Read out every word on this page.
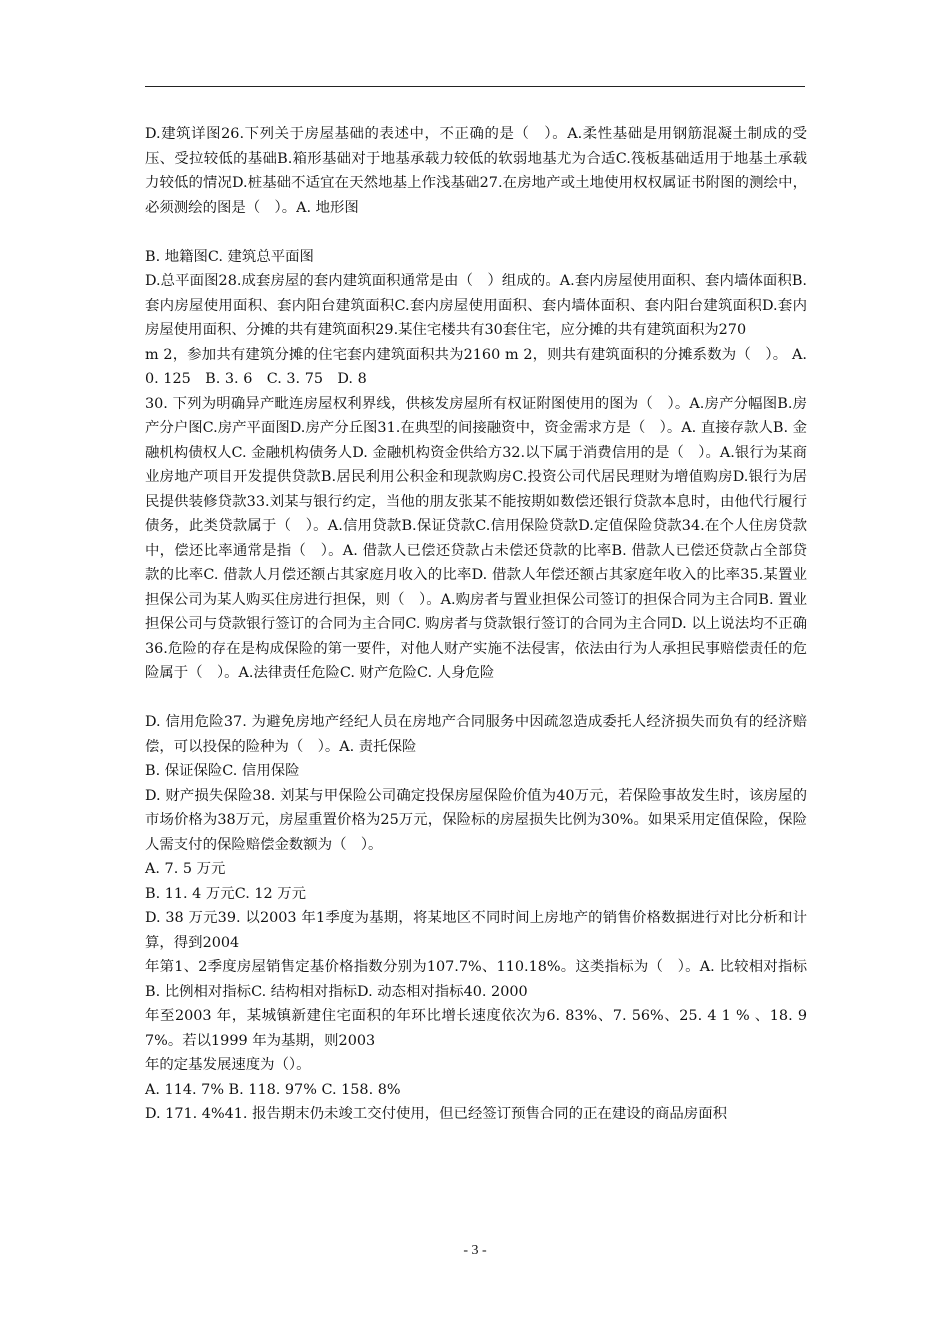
D.建筑详图26.下列关于房屋基础的表述中，不正确的是（　）。A.柔性基础是用钢筋混凝土制成的受压、受拉较低的基础B.箱形基础对于地基承载力较低的软弱地基尤为合适C.筏板基础适用于地基土承载力较低的情况D.桩基础不适宜在天然地基上作浅基础27.在房地产或土地使用权权属证书附图的测绘中，必须测绘的图是（　）。A. 地形图

B. 地籍图C. 建筑总平面图

D.总平面图28.成套房屋的套内建筑面积通常是由（　）组成的。A.套内房屋使用面积、套内墙体面积B.套内房屋使用面积、套内阳台建筑面积C.套内房屋使用面积、套内墙体面积、套内阳台建筑面积D.套内房屋使用面积、分摊的共有建筑面积29.某住宅楼共有30套住宅，应分摊的共有建筑面积为270

m 2，参加共有建筑分摊的住宅套内建筑面积共为2160 m 2，则共有建筑面积的分摊系数为（　）。 A. 0. 125　B. 3. 6　C. 3. 75　D. 8

30. 下列为明确异产毗连房屋权利界线，供核发房屋所有权证附图使用的图为（　）。A.房产分幅图B.房产分户图C.房产平面图D.房产分丘图31.在典型的间接融资中，资金需求方是（　）。A. 直接存款人B. 金融机构债权人C. 金融机构债务人D. 金融机构资金供给方32.以下属于消费信用的是（　）。A.银行为某商业房地产项目开发提供贷款B.居民利用公积金和现款购房C.投资公司代居民理财为增值购房D.银行为居民提供装修贷款33.刘某与银行约定，当他的朋友张某不能按期如数偿还银行贷款本息时，由他代行履行债务，此类贷款属于（　）。A.信用贷款B.保证贷款C.信用保险贷款D.定值保险贷款34.在个人住房贷款中，偿还比率通常是指（　）。A. 借款人已偿还贷款占未偿还贷款的比率B. 借款人已偿还贷款占全部贷款的比率C. 借款人月偿还额占其家庭月收入的比率D. 借款人年偿还额占其家庭年收入的比率35.某置业担保公司为某人购买住房进行担保，则（　）。A.购房者与置业担保公司签订的担保合同为主合同B. 置业担保公司与贷款银行签订的合同为主合同C. 购房者与贷款银行签订的合同为主合同D. 以上说法均不正确36.危险的存在是构成保险的第一要件，对他人财产实施不法侵害，依法由行为人承担民事赔偿责任的危险属于（　）。A.法律责任危险C. 财产危险C. 人身危险

D. 信用危险37. 为避免房地产经纪人员在房地产合同服务中因疏忽造成委托人经济损失而负有的经济赔偿，可以投保的险种为（　）。A. 责托保险

B. 保证保险C. 信用保险

D. 财产损失保险38. 刘某与甲保险公司确定投保房屋保险价值为40万元，若保险事故发生时，该房屋的市场价格为38万元，房屋重置价格为25万元，保险标的房屋损失比例为30%。如果采用定值保险，保险人需支付的保险赔偿金数额为（　）。

A. 7. 5 万元

B. 11. 4 万元C. 12 万元

D. 38 万元39. 以2003 年1季度为基期，将某地区不同时间上房地产的销售价格数据进行对比分析和计算，得到2004

年第1、2季度房屋销售定基价格指数分别为107.7%、110.18%。这类指标为（　）。A. 比较相对指标B. 比例相对指标C. 结构相对指标D. 动态相对指标40. 2000

年至2003 年，某城镇新建住宅面积的年环比增长速度依次为6. 83%、7. 56%、25. 4 1 % 、18. 97%。若以1999 年为基期，则2003

年的定基发展速度为（）。

A. 114. 7% B. 118. 97% C. 158. 8%

D. 171. 4%41. 报告期末仍未竣工交付使用，但已经签订预售合同的正在建设的商品房面积

- 3 -
